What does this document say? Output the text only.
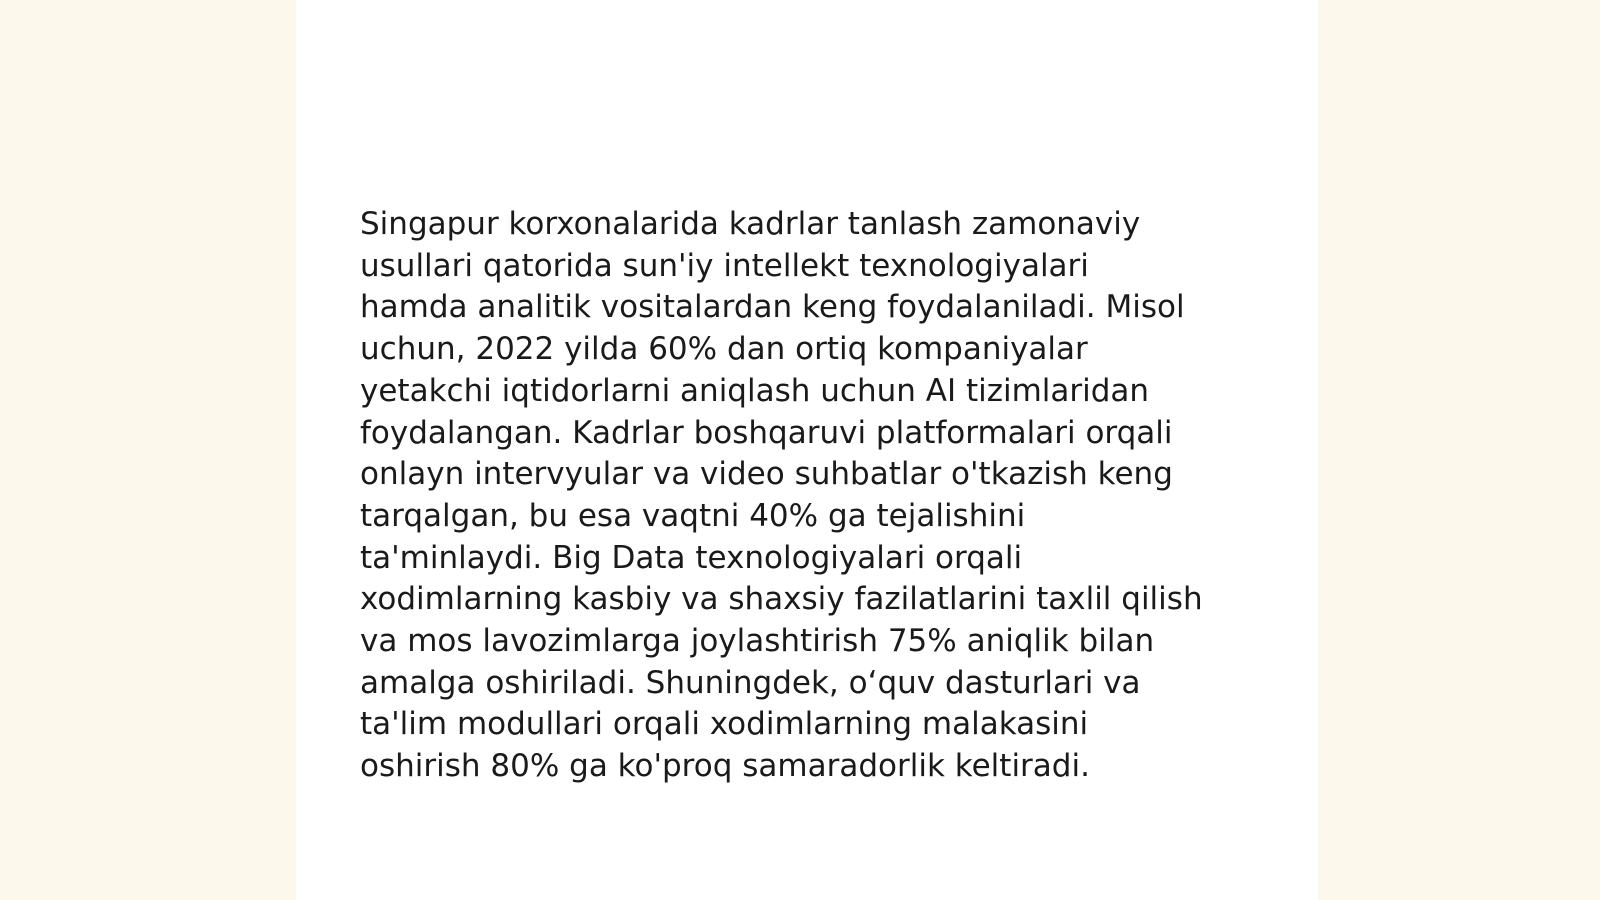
Singapur korxonalarida kadrlar tanlash zamonaviy
usullari qatorida sun'iy intellekt texnologiyalari
hamda analitik vositalardan keng foydalaniladi. Misol
uchun, 2022 yilda 60% dan ortiq kompaniyalar
yetakchi iqtidorlarni aniqlash uchun AI tizimlaridan
foydalangan. Kadrlar boshqaruvi platformalari orqali
onlayn intervyular va video suhbatlar o'tkazish keng
tarqalgan, bu esa vaqtni 40% ga tejalishini
ta'minlaydi. Big Data texnologiyalari orqali
xodimlarning kasbiy va shaxsiy fazilatlarini taxlil qilish
va mos lavozimlarga joylashtirish 75% aniqlik bilan
amalga oshiriladi. Shuningdek, o‘quv dasturlari va
ta'lim modullari orqali xodimlarning malakasini
oshirish 80% ga ko'proq samaradorlik keltiradi.
